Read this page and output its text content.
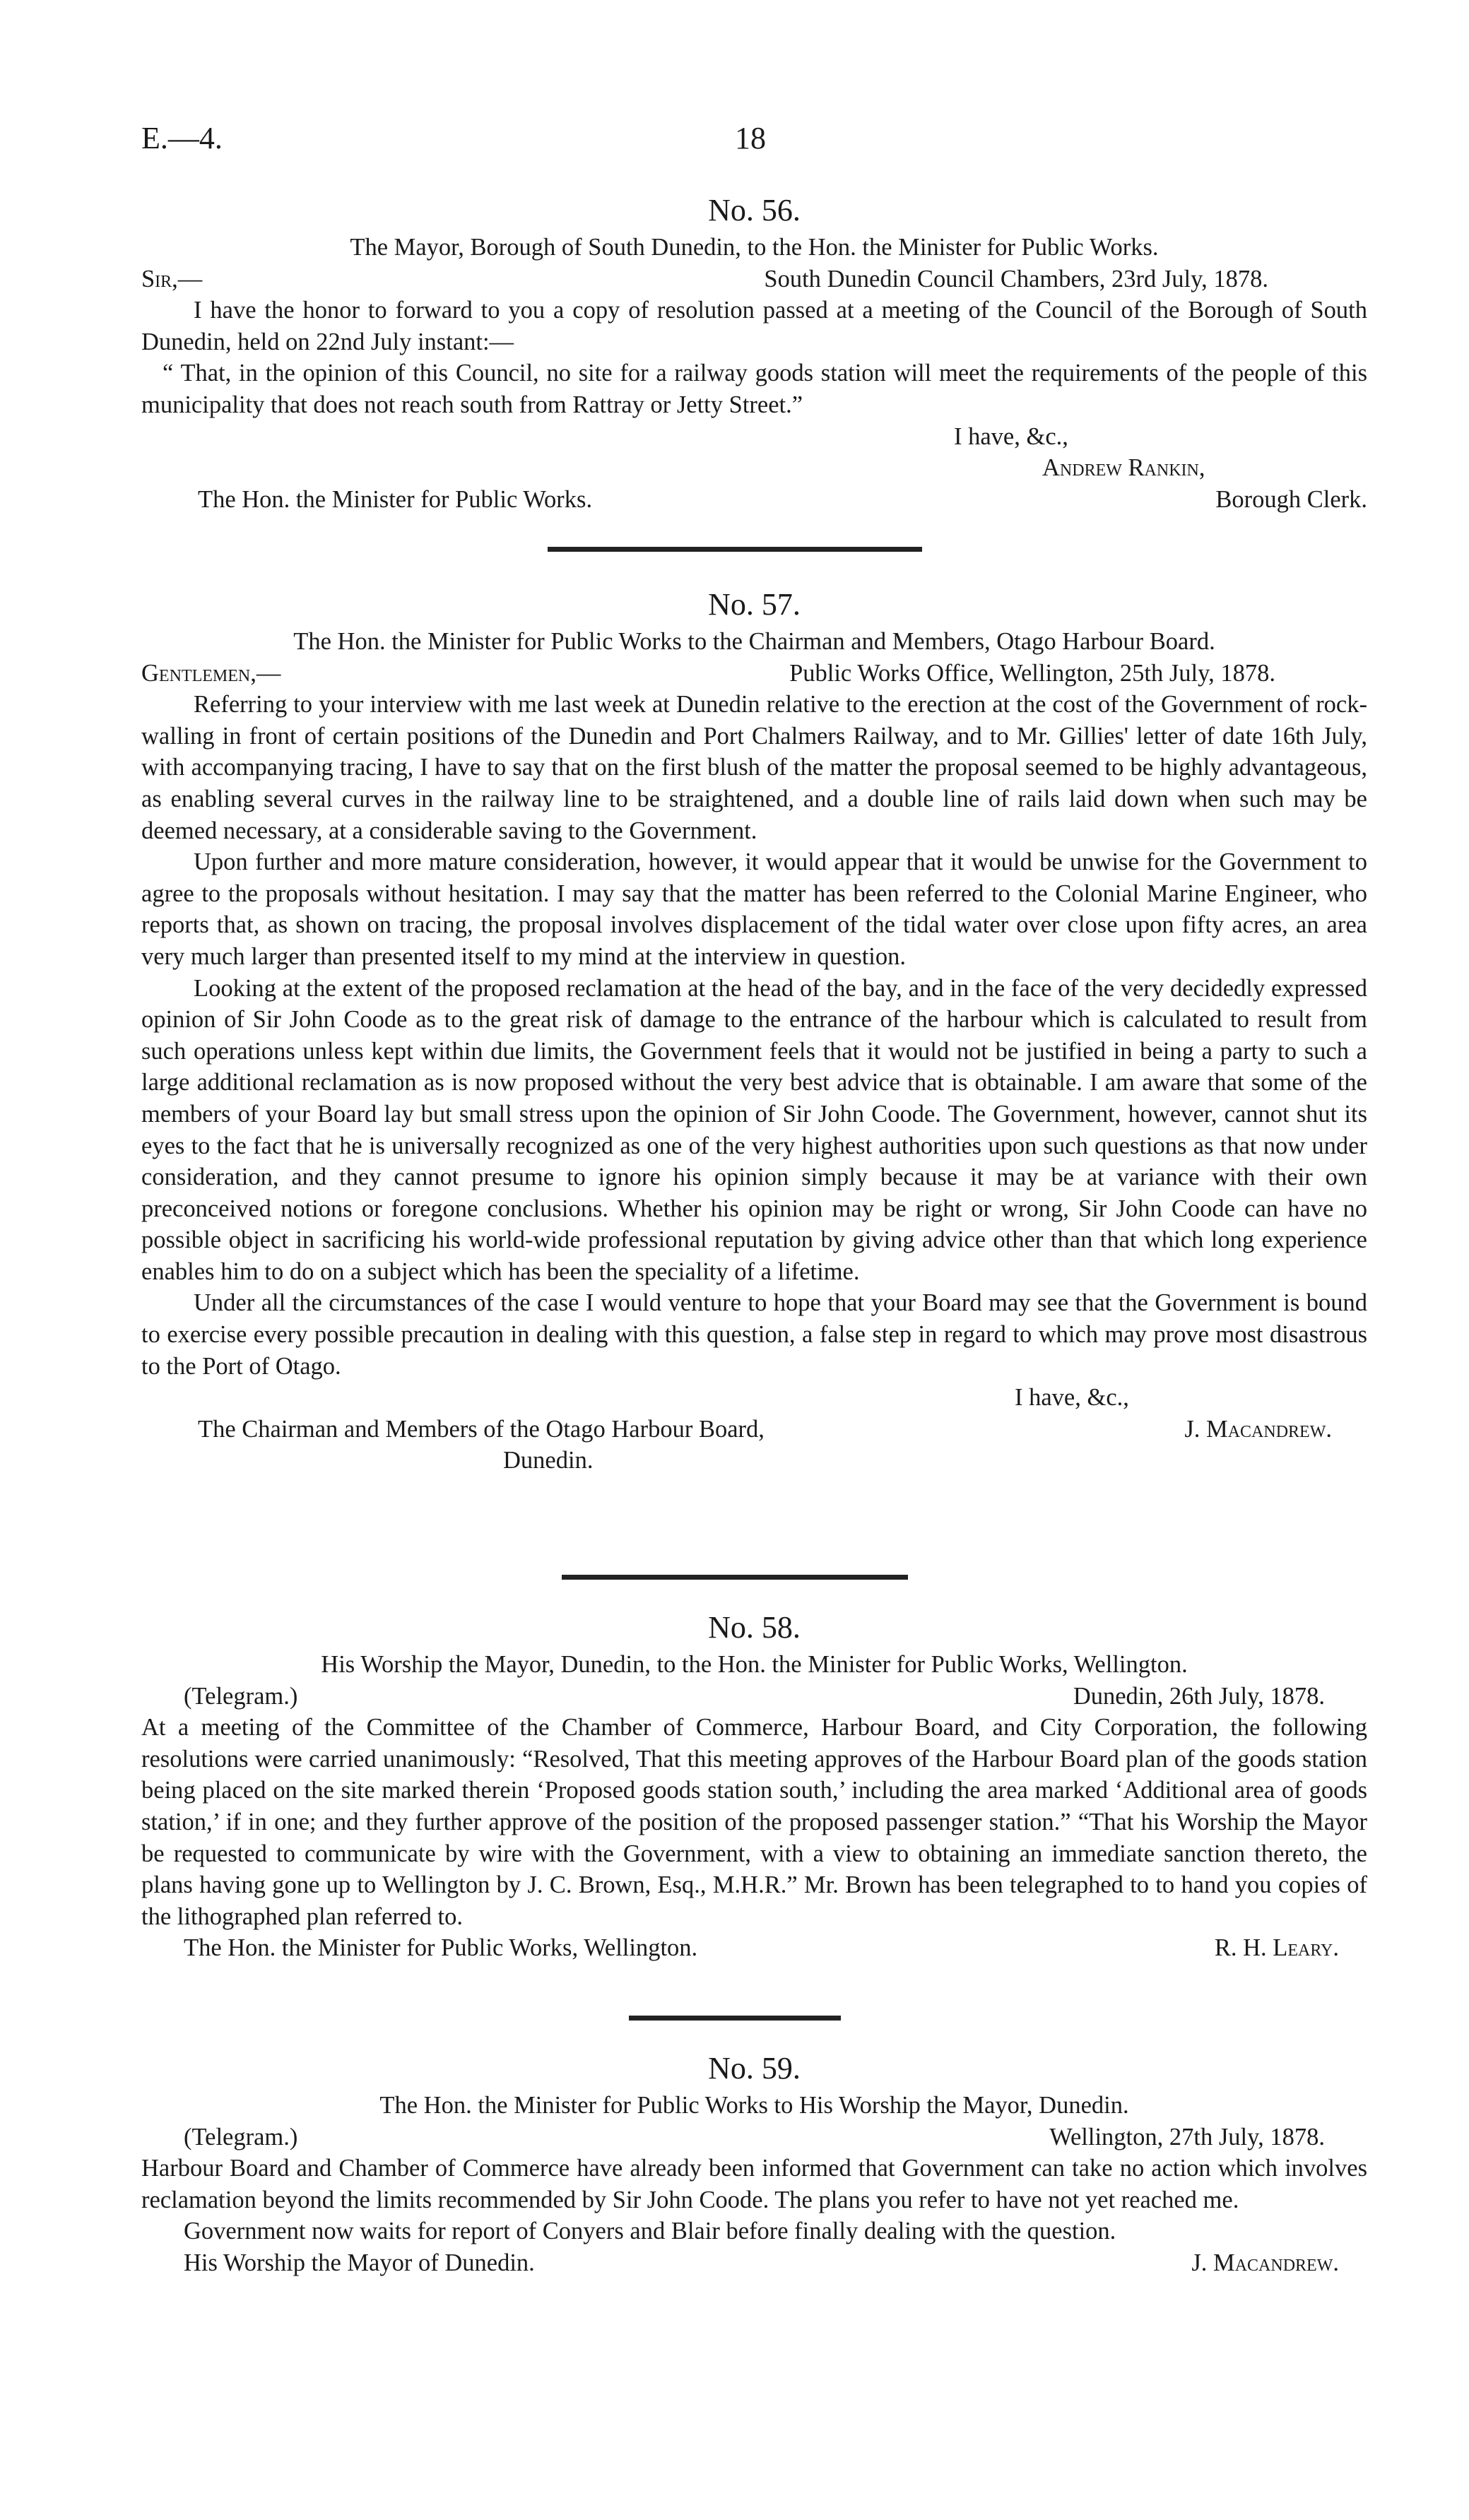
E.—4.	18

No. 56.

The Mayor, Borough of South Dunedin, to the Hon. the Minister for Public Works.

Sir,—	South Dunedin Council Chambers, 23rd July, 1878.

I have the honor to forward to you a copy of resolution passed at a meeting of the Council of the Borough of South Dunedin, held on 22nd July instant:—

“ That, in the opinion of this Council, no site for a railway goods station will meet the requirements of the people of this municipality that does not reach south from Rattray or Jetty Street.”

I have, &c.,

Andrew Rankin,

The Hon. the Minister for Public Works.	Borough Clerk.

No. 57.

The Hon. the Minister for Public Works to the Chairman and Members, Otago Harbour Board.

Gentlemen,—	Public Works Office, Wellington, 25th July, 1878.

Referring to your interview with me last week at Dunedin relative to the erection at the cost of the Government of rock-walling in front of certain positions of the Dunedin and Port Chalmers Railway, and to Mr. Gillies' letter of date 16th July, with accompanying tracing, I have to say that on the first blush of the matter the proposal seemed to be highly advantageous, as enabling several curves in the railway line to be straightened, and a double line of rails laid down when such may be deemed necessary, at a considerable saving to the Government.

Upon further and more mature consideration, however, it would appear that it would be unwise for the Government to agree to the proposals without hesitation. I may say that the matter has been referred to the Colonial Marine Engineer, who reports that, as shown on tracing, the proposal involves displacement of the tidal water over close upon fifty acres, an area very much larger than presented itself to my mind at the interview in question.

Looking at the extent of the proposed reclamation at the head of the bay, and in the face of the very decidedly expressed opinion of Sir John Coode as to the great risk of damage to the entrance of the harbour which is calculated to result from such operations unless kept within due limits, the Government feels that it would not be justified in being a party to such a large additional reclamation as is now proposed without the very best advice that is obtainable. I am aware that some of the members of your Board lay but small stress upon the opinion of Sir John Coode. The Government, however, cannot shut its eyes to the fact that he is universally recognized as one of the very highest authorities upon such questions as that now under consideration, and they cannot presume to ignore his opinion simply because it may be at variance with their own preconceived notions or foregone conclusions. Whether his opinion may be right or wrong, Sir John Coode can have no possible object in sacrificing his world-wide professional reputation by giving advice other than that which long experience enables him to do on a subject which has been the speciality of a lifetime.

Under all the circumstances of the case I would venture to hope that your Board may see that the Government is bound to exercise every possible precaution in dealing with this question, a false step in regard to which may prove most disastrous to the Port of Otago.

I have, &c.,

The Chairman and Members of the Otago Harbour Board,	J. Macandrew.

Dunedin.

No. 58.

His Worship the Mayor, Dunedin, to the Hon. the Minister for Public Works, Wellington.

(Telegram.)	Dunedin, 26th July, 1878.

At a meeting of the Committee of the Chamber of Commerce, Harbour Board, and City Corporation, the following resolutions were carried unanimously: “Resolved, That this meeting approves of the Harbour Board plan of the goods station being placed on the site marked therein ‘Proposed goods station south,’ including the area marked ‘Additional area of goods station,’ if in one; and they further approve of the position of the proposed passenger station.” “That his Worship the Mayor be requested to communicate by wire with the Government, with a view to obtaining an immediate sanction thereto, the plans having gone up to Wellington by J. C. Brown, Esq., M.H.R.” Mr. Brown has been telegraphed to to hand you copies of the lithographed plan referred to.

The Hon. the Minister for Public Works, Wellington.	R. H. Leary.

No. 59.

The Hon. the Minister for Public Works to His Worship the Mayor, Dunedin.

(Telegram.)	Wellington, 27th July, 1878.

Harbour Board and Chamber of Commerce have already been informed that Government can take no action which involves reclamation beyond the limits recommended by Sir John Coode. The plans you refer to have not yet reached me.

Government now waits for report of Conyers and Blair before finally dealing with the question.

His Worship the Mayor of Dunedin.	J. Macandrew.
